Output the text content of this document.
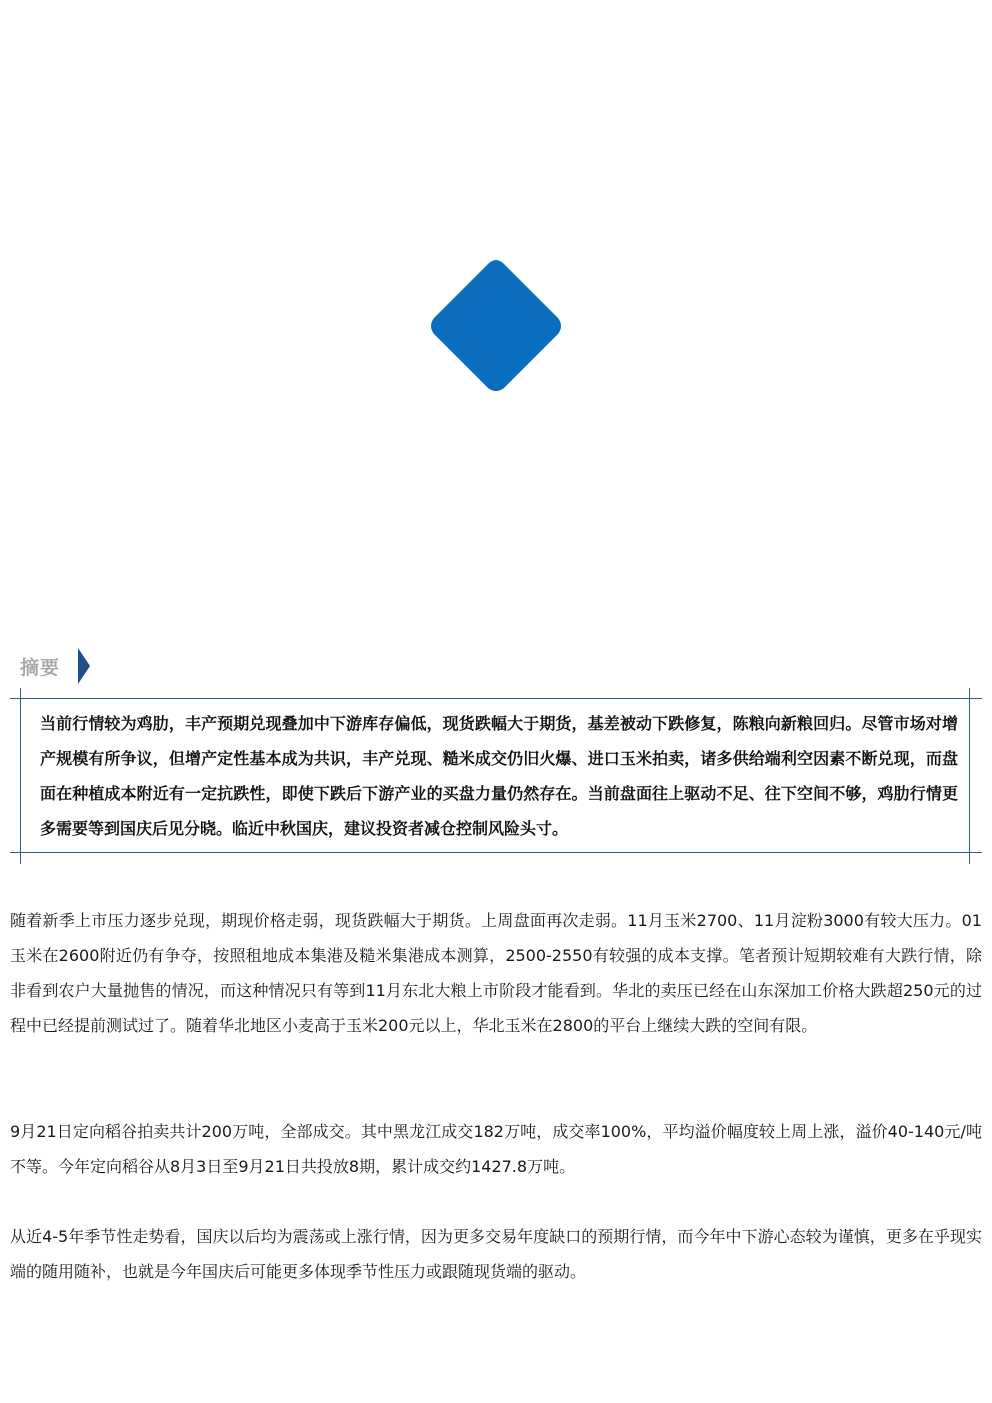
摘要

当前行情较为鸡肋，丰产预期兑现叠加中下游库存偏低，现货跌幅大于期货，基差被动下跌修复，陈粮向新粮回归。尽管市场对增产规模有所争议，但增产定性基本成为共识，丰产兑现、糙米成交仍旧火爆、进口玉米拍卖，诸多供给端利空因素不断兑现，而盘面在种植成本附近有一定抗跌性，即使下跌后下游产业的买盘力量仍然存在。当前盘面往上驱动不足、往下空间不够，鸡肋行情更多需要等到国庆后见分晓。临近中秋国庆，建议投资者减仓控制风险头寸。

随着新季上市压力逐步兑现，期现价格走弱，现货跌幅大于期货。上周盘面再次走弱。11月玉米2700、11月淀粉3000有较大压力。01玉米在2600附近仍有争夺，按照租地成本集港及糙米集港成本测算，2500-2550有较强的成本支撑。笔者预计短期较难有大跌行情，除非看到农户大量抛售的情况，而这种情况只有等到11月东北大粮上市阶段才能看到。华北的卖压已经在山东深加工价格大跌超250元的过程中已经提前测试过了。随着华北地区小麦高于玉米200元以上，华北玉米在2800的平台上继续大跌的空间有限。

9月21日定向稻谷拍卖共计200万吨，全部成交。其中黑龙江成交182万吨，成交率100%，平均溢价幅度较上周上涨，溢价40-140元/吨不等。今年定向稻谷从8月3日至9月21日共投放8期，累计成交约1427.8万吨。

从近4-5年季节性走势看，国庆以后均为震荡或上涨行情，因为更多交易年度缺口的预期行情，而今年中下游心态较为谨慎，更多在乎现实端的随用随补，也就是今年国庆后可能更多体现季节性压力或跟随现货端的驱动。
